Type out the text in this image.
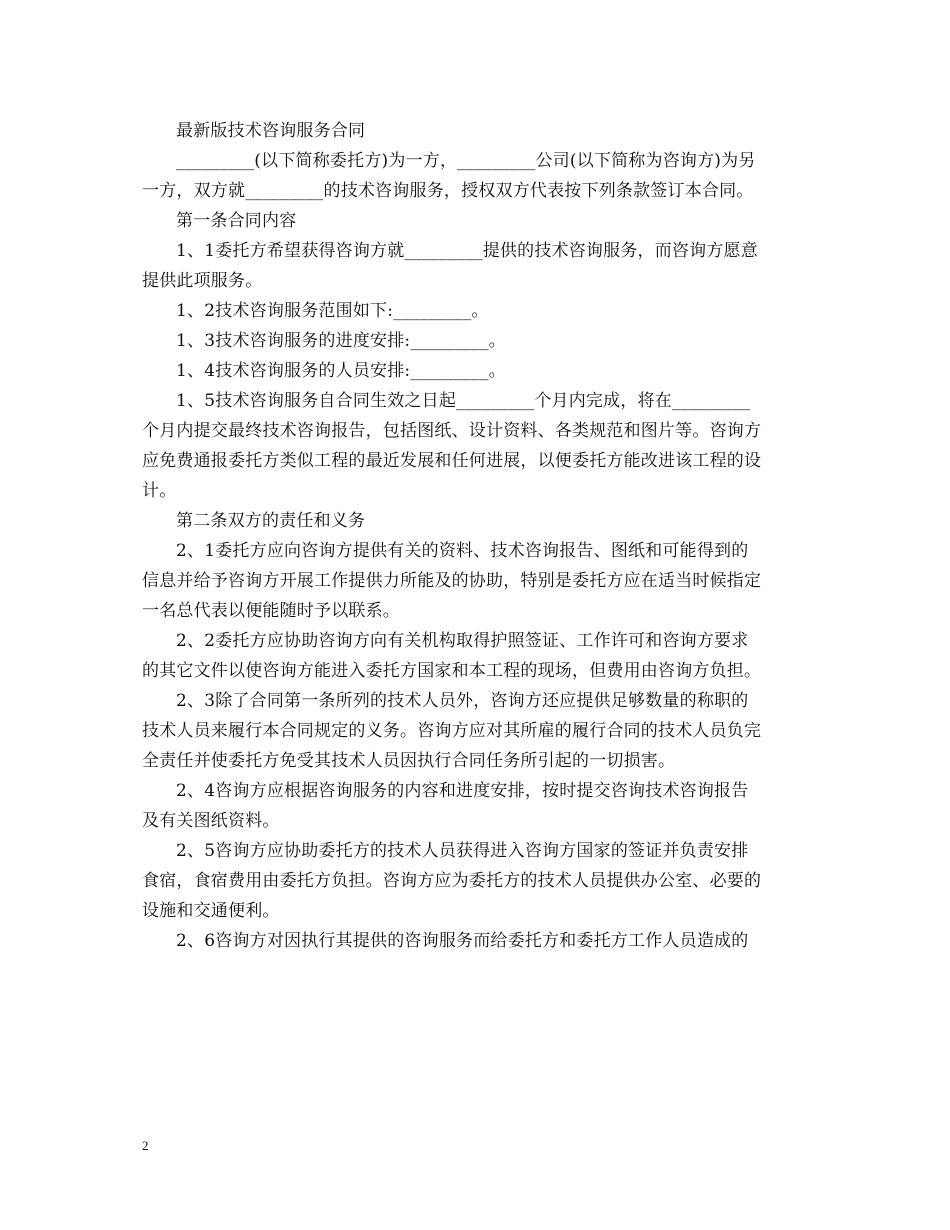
最新版技术咨询服务合同
_________(以下简称委托方)为一方，_________公司(以下简称为咨询方)为另
一方，双方就_________的技术咨询服务，授权双方代表按下列条款签订本合同。
第一条合同内容
1、1委托方希望获得咨询方就_________提供的技术咨询服务，而咨询方愿意
提供此项服务。
1、2技术咨询服务范围如下:_________。
1、3技术咨询服务的进度安排:_________。
1、4技术咨询服务的人员安排:_________。
1、5技术咨询服务自合同生效之日起_________个月内完成，将在_________
个月内提交最终技术咨询报告，包括图纸、设计资料、各类规范和图片等。咨询方
应免费通报委托方类似工程的最近发展和任何进展，以便委托方能改进该工程的设
计。
第二条双方的责任和义务
2、1委托方应向咨询方提供有关的资料、技术咨询报告、图纸和可能得到的
信息并给予咨询方开展工作提供力所能及的协助，特别是委托方应在适当时候指定
一名总代表以便能随时予以联系。
2、2委托方应协助咨询方向有关机构取得护照签证、工作许可和咨询方要求
的其它文件以使咨询方能进入委托方国家和本工程的现场，但费用由咨询方负担。
2、3除了合同第一条所列的技术人员外，咨询方还应提供足够数量的称职的
技术人员来履行本合同规定的义务。咨询方应对其所雇的履行合同的技术人员负完
全责任并使委托方免受其技术人员因执行合同任务所引起的一切损害。
2、4咨询方应根据咨询服务的内容和进度安排，按时提交咨询技术咨询报告
及有关图纸资料。
2、5咨询方应协助委托方的技术人员获得进入咨询方国家的签证并负责安排
食宿，食宿费用由委托方负担。咨询方应为委托方的技术人员提供办公室、必要的
设施和交通便利。
2、6咨询方对因执行其提供的咨询服务而给委托方和委托方工作人员造成的
2
